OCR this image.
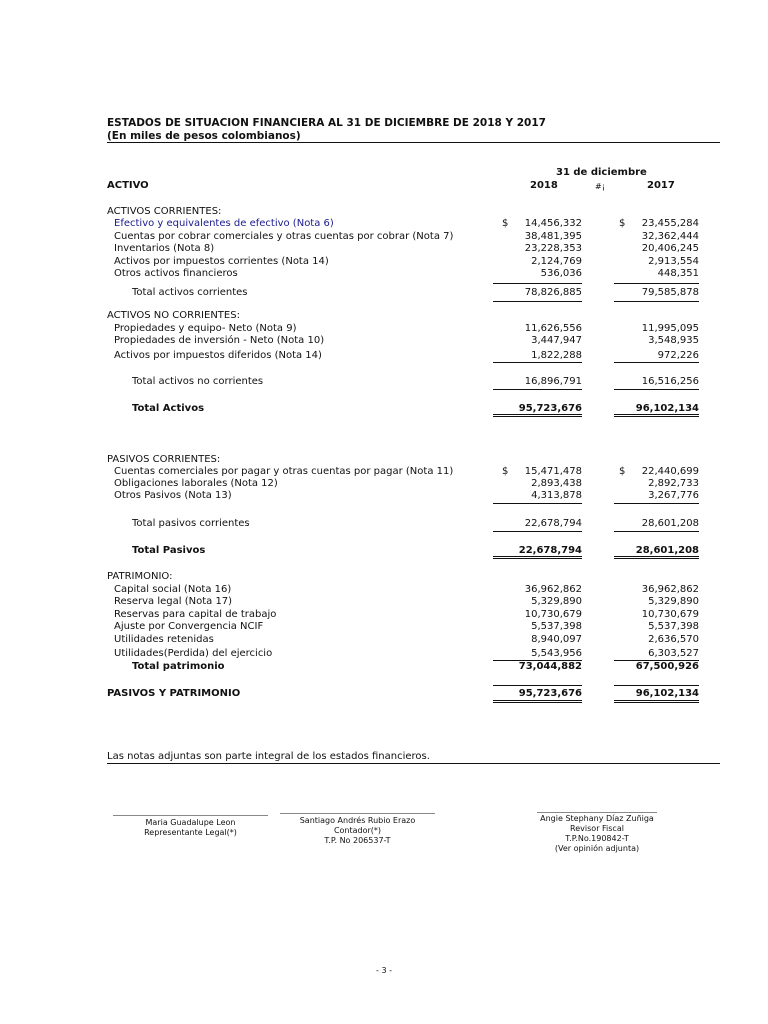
ESTADOS DE SITUACION FINANCIERA AL 31 DE DICIEMBRE DE 2018 Y 2017
(En miles de pesos colombianos)
31 de diciembre
ACTIVO	2018	#¡	2017
ACTIVOS CORRIENTES:
Efectivo y equivalentes de efectivo (Nota 6)	$	14,456,332	$	23,455,284
Cuentas por cobrar comerciales y otras cuentas por cobrar (Nota 7)	38,481,395	32,362,444
Inventarios (Nota 8)	23,228,353	20,406,245
Activos por impuestos corrientes (Nota 14)	2,124,769	2,913,554
Otros activos financieros	536,036	448,351
Total activos corrientes	78,826,885	79,585,878
ACTIVOS NO CORRIENTES:
Propiedades y equipo- Neto (Nota 9)	11,626,556	11,995,095
Propiedades de inversión - Neto (Nota 10)	3,447,947	3,548,935
Activos por impuestos diferidos (Nota 14)	1,822,288	972,226
Total activos no corrientes	16,896,791	16,516,256
Total Activos	95,723,676	96,102,134
PASIVOS CORRIENTES:
Cuentas comerciales por pagar y otras cuentas por pagar (Nota 11)	$	15,471,478	$	22,440,699
Obligaciones laborales (Nota 12)	2,893,438	2,892,733
Otros Pasivos (Nota 13)	4,313,878	3,267,776
Total pasivos corrientes	22,678,794	28,601,208
Total Pasivos	22,678,794	28,601,208
PATRIMONIO:
Capital social (Nota 16)	36,962,862	36,962,862
Reserva legal (Nota 17)	5,329,890	5,329,890
Reservas para capital de trabajo	10,730,679	10,730,679
Ajuste por Convergencia NCIF	5,537,398	5,537,398
Utilidades retenidas	8,940,097	2,636,570
Utilidades(Perdida) del ejercicio	5,543,956	6,303,527
Total patrimonio	73,044,882	67,500,926
PASIVOS Y PATRIMONIO	95,723,676	96,102,134
Las notas adjuntas son parte integral de los estados financieros.
Maria Guadalupe Leon
Representante Legal(*)
Santiago Andrés Rubio Erazo
Contador(*)
T.P. No 206537-T
Angie Stephany Díaz Zuñiga
Revisor Fiscal
T.P.No.190842-T
(Ver opinión adjunta)
- 3 -
